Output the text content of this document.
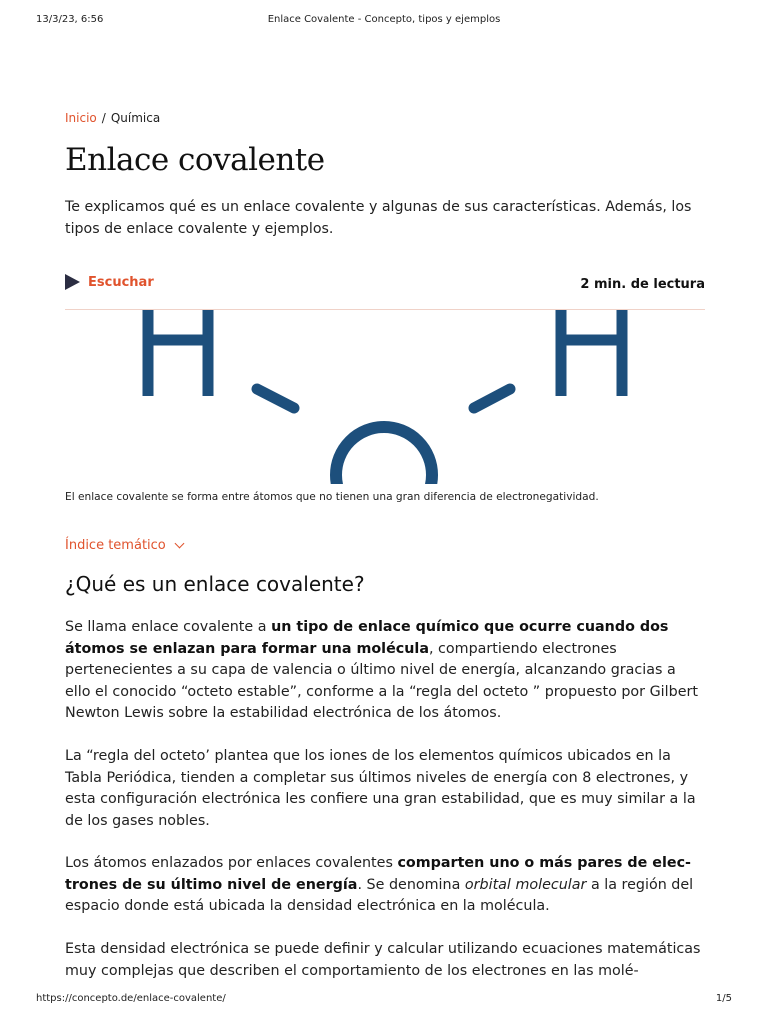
13/3/23, 6:56	Enlace Covalente - Concepto, tipos y ejemplos
Inicio / Química
Enlace covalente

Te explicamos qué es un enlace covalente y algunas de sus características. Además, los tipos de enlace covalente y ejemplos.

Escuchar	2 min. de lectura
El enlace covalente se forma entre átomos que no tienen una gran diferencia de electronegatividad.
Índice temático
¿Qué es un enlace covalente?

Se llama enlace covalente a un tipo de enlace químico que ocurre cuando dos átomos se enlazan para formar una molécula, compartiendo electrones pertenecientes a su capa de valencia o último nivel de energía, alcanzando gracias a ello el conocido “octeto estable”, conforme a la “regla del octeto ” propuesto por Gilbert Newton Lewis sobre la estabilidad electrónica de los átomos.

La “regla del octeto’ plantea que los iones de los elementos químicos ubicados en la Tabla Periódica, tienden a completar sus últimos niveles de energía con 8 electrones, y esta configuración electrónica les confiere una gran estabilidad, que es muy similar a la de los gases nobles.

Los átomos enlazados por enlaces covalentes comparten uno o más pares de electrones de su último nivel de energía. Se denomina orbital molecular a la región del espacio donde está ubicada la densidad electrónica en la molécula.

Esta densidad electrónica se puede definir y calcular utilizando ecuaciones matemáticas muy complejas que describen el comportamiento de los electrones en las molé-

https://concepto.de/enlace-covalente/	1/5
